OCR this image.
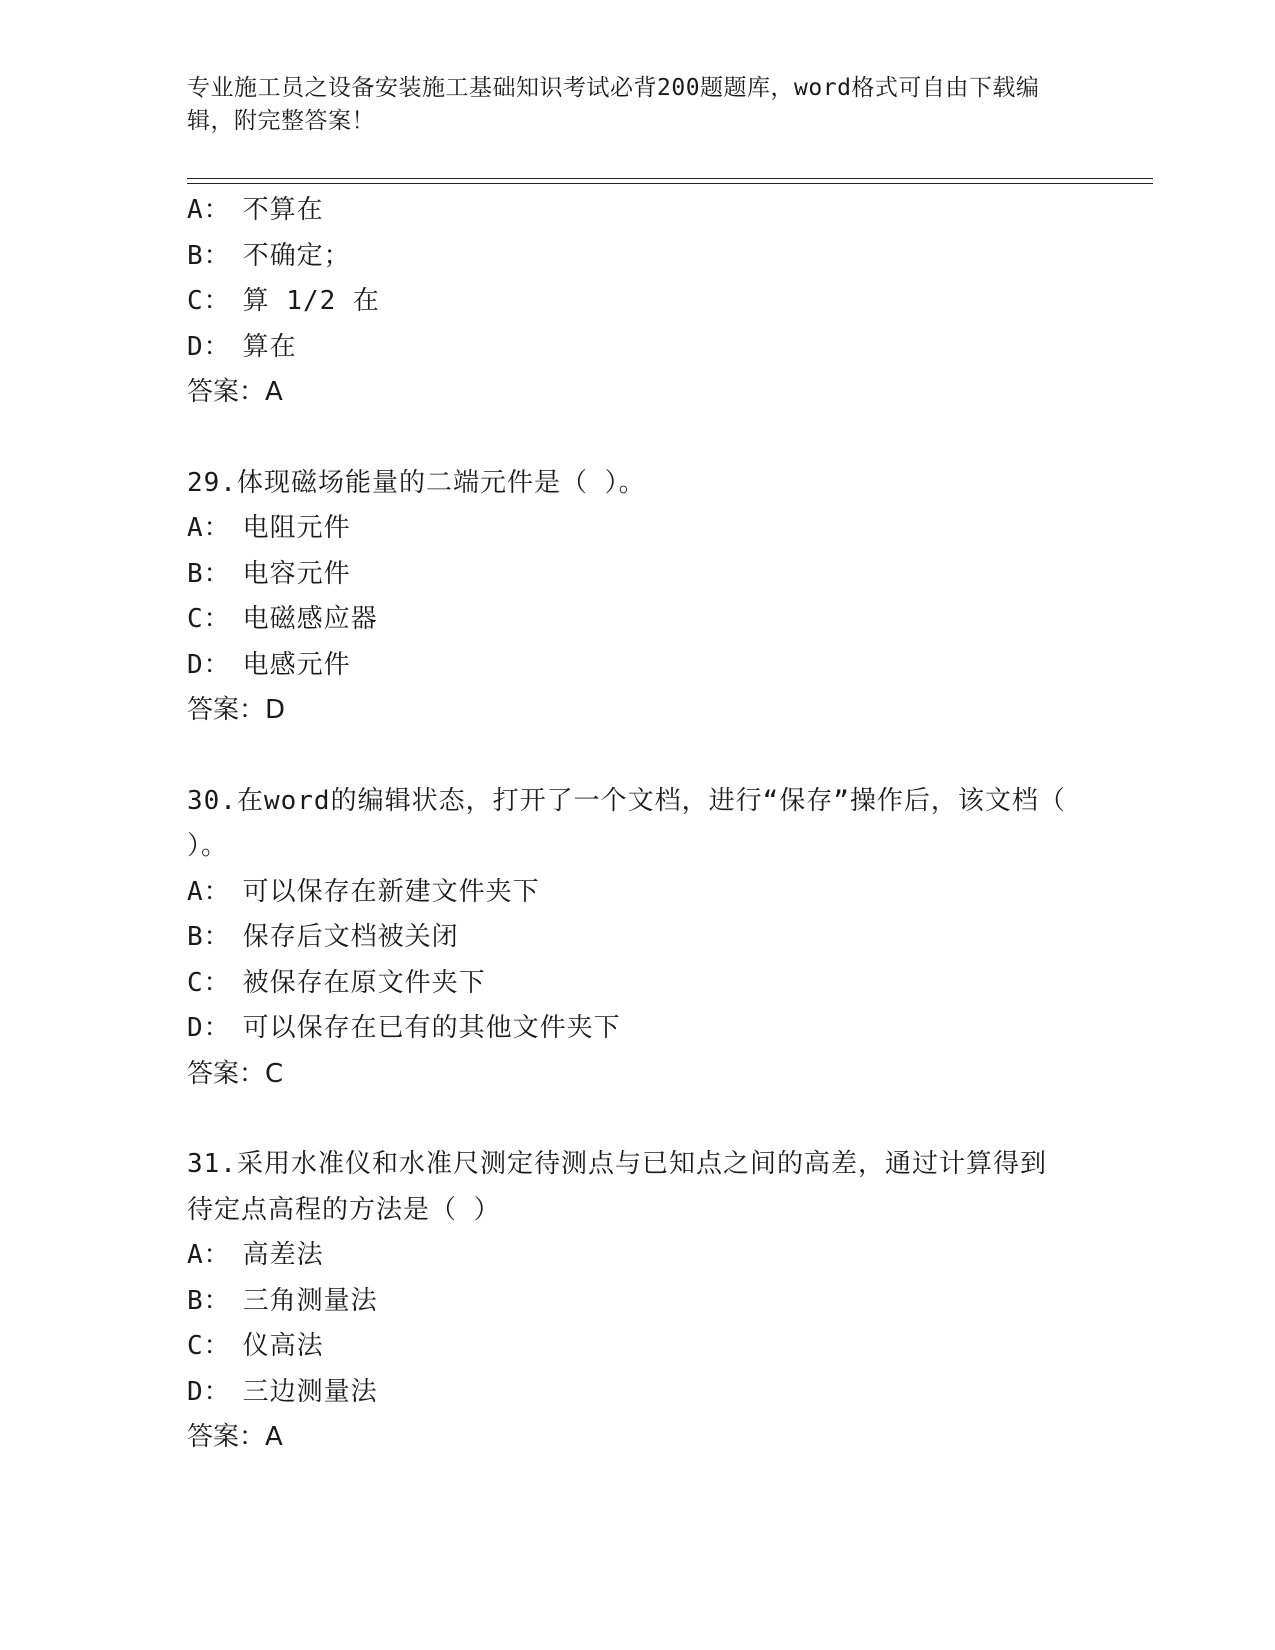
专业施工员之设备安装施工基础知识考试必背200题题库，word格式可自由下载编辑，附完整答案！
A： 不算在
B： 不确定；
C： 算 1/2 在
D： 算在
答案：A
29.体现磁场能量的二端元件是（ ）。
A： 电阻元件
B： 电容元件
C： 电磁感应器
D： 电感元件
答案：D
30.在word的编辑状态，打开了一个文档，进行“保存”操作后，该文档（ ）。
A： 可以保存在新建文件夹下
B： 保存后文档被关闭
C： 被保存在原文件夹下
D： 可以保存在已有的其他文件夹下
答案：C
31.采用水准仪和水准尺测定待测点与已知点之间的高差，通过计算得到待定点高程的方法是（ ）
A： 高差法
B： 三角测量法
C： 仪高法
D： 三边测量法
答案：A
